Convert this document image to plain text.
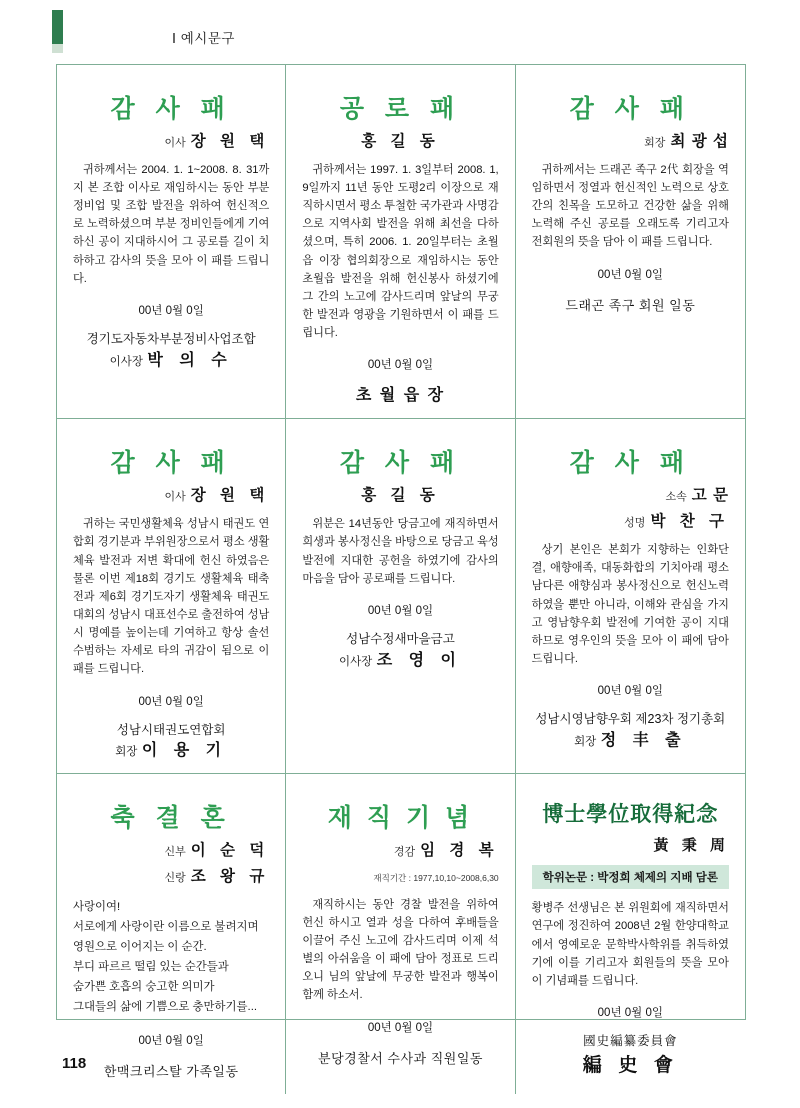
Ⅰ 예시문구
감 사 패
이사 장 원 택
귀하께서는 2004. 1. 1~2008. 8. 31까지 본 조합 이사로 재임하시는 동안 부분정비업 및 조합 발전을 위하여 헌신적으로 노력하셨으며 부분 정비인들에게 기여하신 공이 지대하시어 그 공로를 길이 치하하고 감사의 뜻을 모아 이 패를 드립니다.
00년 0월 0일
경기도자동차부분정비사업조합
이사장 박 의 수
공 로 패
홍 길 동
귀하께서는 1997. 1. 3일부터 2008. 1,9일까지 11년 동안 도평2리 이장으로 재직하시면서 평소 투철한 국가관과 사명감으로 지역사회 발전을 위해 최선을 다하셨으며, 특히 2006. 1. 20일부터는 초월읍 이장 협의회장으로 재임하시는 동안 초월읍 발전을 위해 헌신봉사 하셨기에 그 간의 노고에 감사드리며 앞날의 무궁한 발전과 영광을 기원하면서 이 패를 드립니다.
00년 0월 0일
초 월 읍 장
감 사 패
회장 최 광 섭
귀하께서는 드래곤 족구 2代 회장을 역임하면서 정열과 헌신적인 노력으로 상호 간의 친목을 도모하고 건강한 삶을 위해 노력해 주신 공로를 오래도록 기리고자 전회원의 뜻을 담아 이 패를 드립니다.
00년 0월 0일
드래곤 족구 회원 일동
감 사 패
이사 장 원 택
귀하는 국민생활체육 성남시 태권도 연합회 경기분과 부위원장으로서 평소 생활체육 발전과 저변 확대에 헌신 하였음은 물론 이번 제18회 경기도 생활체육 태축전과 제6회 경기도자기 생활체육 태권도 대회의 성남시 대표선수로 출전하여 성남시 명예를 높이는데 기여하고 항상 솔선수범하는 자세로 타의 귀감이 됨으로 이 패를 드립니다.
00년 0월 0일
성남시태권도연합회
회장 이 용 기
감 사 패
홍 길 동
위분은 14년동안 당금고에 재직하면서 희생과 봉사정신을 바탕으로 당금고 육성 발전에 지대한 공헌을 하였기에 감사의 마음을 담아 공로패를 드립니다.
00년 0월 0일
성남수정새마을금고
이사장 조 영 이
감 사 패
소속 고 문
성명 박 찬 구
상기 본인은 본회가 지향하는 인화단결, 애향애족, 대동화합의 기치아래 평소 남다른 애향심과 봉사정신으로 헌신노력하였을 뿐만 아니라, 이해와 관심을 가지고 영남향우회 발전에 기여한 공이 지대하므로 영우인의 뜻을 모아 이 패에 담아 드립니다.
00년 0월 0일
성남시영남향우회 제23차 정기총회
회장 정 丰 출
축 결 혼
신부 이 순 덕
신랑 조 왕 규
사랑이여!
서로에게 사랑이란 이름으로 불려지며
영원으로 이어지는 이 순간.
부디 파르르 떨림 있는 순간들과
숨가쁜 호흡의 숭고한 의미가
그대들의 삶에 기쁨으로 충만하기를...
00년 0월 0일
한맥크리스탈 가족일동
재 직 기 념
경감 임 경 복
재직기간 : 1977,10,10~2008,6,30
재직하시는 동안 경찰 발전을 위하여 헌신 하시고 열과 성을 다하여 후배들을 이끌어 주신 노고에 감사드리며 이제 석별의 아쉬움을 이 패에 담아 정표로 드리오니 님의 앞날에 무궁한 발전과 행복이 함께 하소서.
00년 0월 0일
분당경찰서 수사과 직원일동
博士學位取得紀念
黃 秉 周
학위논문 : 박정희 체제의 지배 담론
황병주 선생님은 본 위원회에 재직하면서 연구에 정진하여 2008년 2월 한양대학교에서 영예로운 문학박사학위를 취득하였기에 이를 기리고자 회원들의 뜻을 모아 이 기념패를 드립니다.
00년 0월 0일
國史編纂委員會
編 史 會
118
